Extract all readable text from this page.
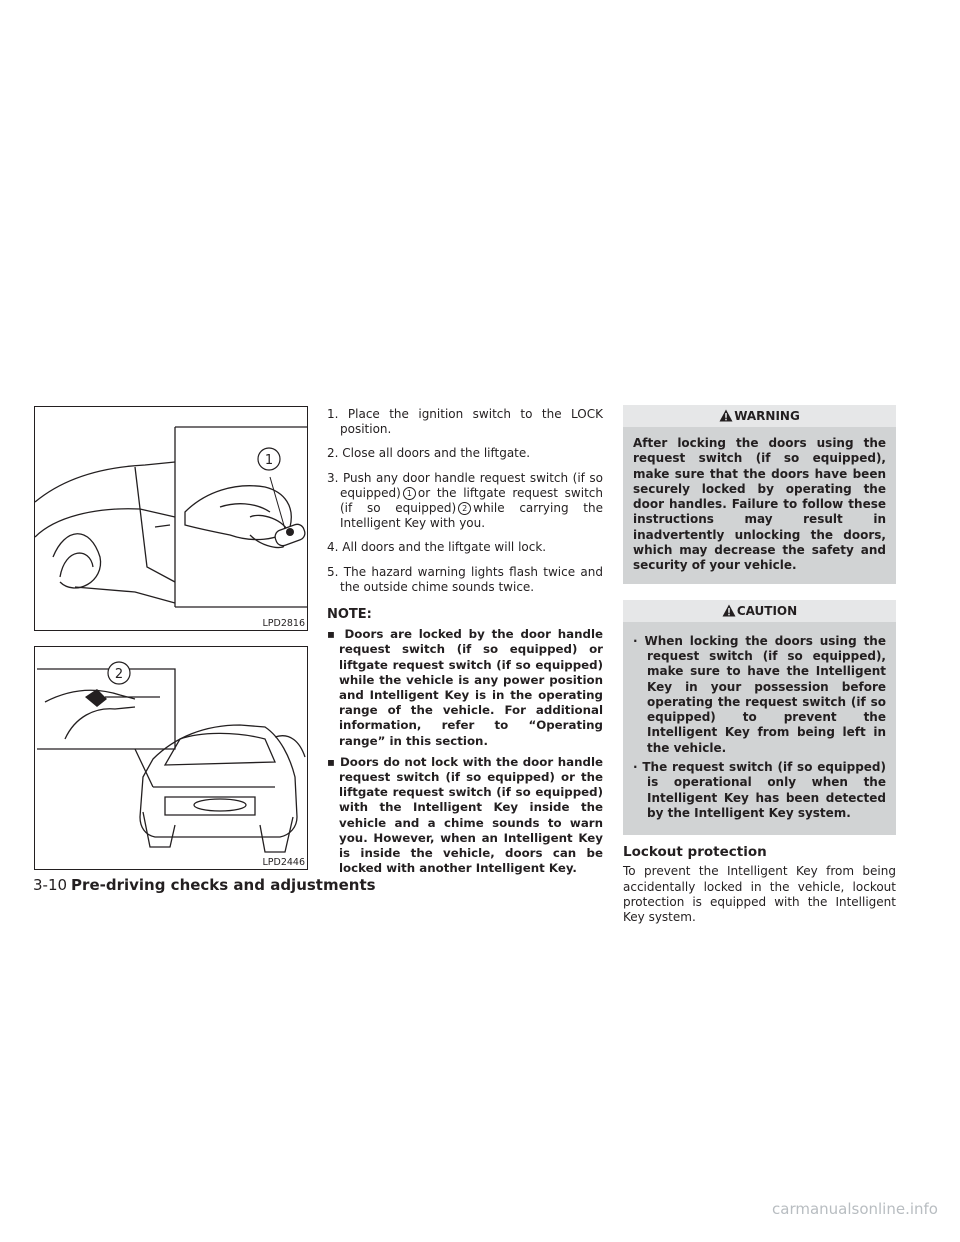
1
LPD2816
2
LPD2446
1. Place the ignition switch to the LOCK position.
2. Close all doors and the liftgate.
3. Push any door handle request switch (if so equipped) 1 or the liftgate request switch (if so equipped) 2 while carrying the Intelligent Key with you.
4. All doors and the liftgate will lock.
5. The hazard warning lights flash twice and the outside chime sounds twice.
NOTE:
▪ Doors are locked by the door handle request switch (if so equipped) or liftgate request switch (if so equipped) while the vehicle is any power position and Intelligent Key is in the operating range of the vehicle. For additional information, refer to “Operating range” in this section.
▪ Doors do not lock with the door handle request switch (if so equipped) or the liftgate request switch (if so equipped) with the Intelligent Key inside the vehicle and a chime sounds to warn you. However, when an Intelligent Key is inside the vehicle, doors can be locked with another Intelligent Key.
WARNING
After locking the doors using the request switch (if so equipped), make sure that the doors have been securely locked by operating the door handles. Failure to follow these instructions may result in inadvertently unlocking the doors, which may decrease the safety and security of your vehicle.
CAUTION
· When locking the doors using the request switch (if so equipped), make sure to have the Intelligent Key in your possession before operating the request switch (if so equipped) to prevent the Intelligent Key from being left in the vehicle.
· The request switch (if so equipped) is operational only when the Intelligent Key has been detected by the Intelligent Key system.
Lockout protection
To prevent the Intelligent Key from being accidentally locked in the vehicle, lockout protection is equipped with the Intelligent Key system.
3-10 Pre-driving checks and adjustments
carmanualsonline.info
